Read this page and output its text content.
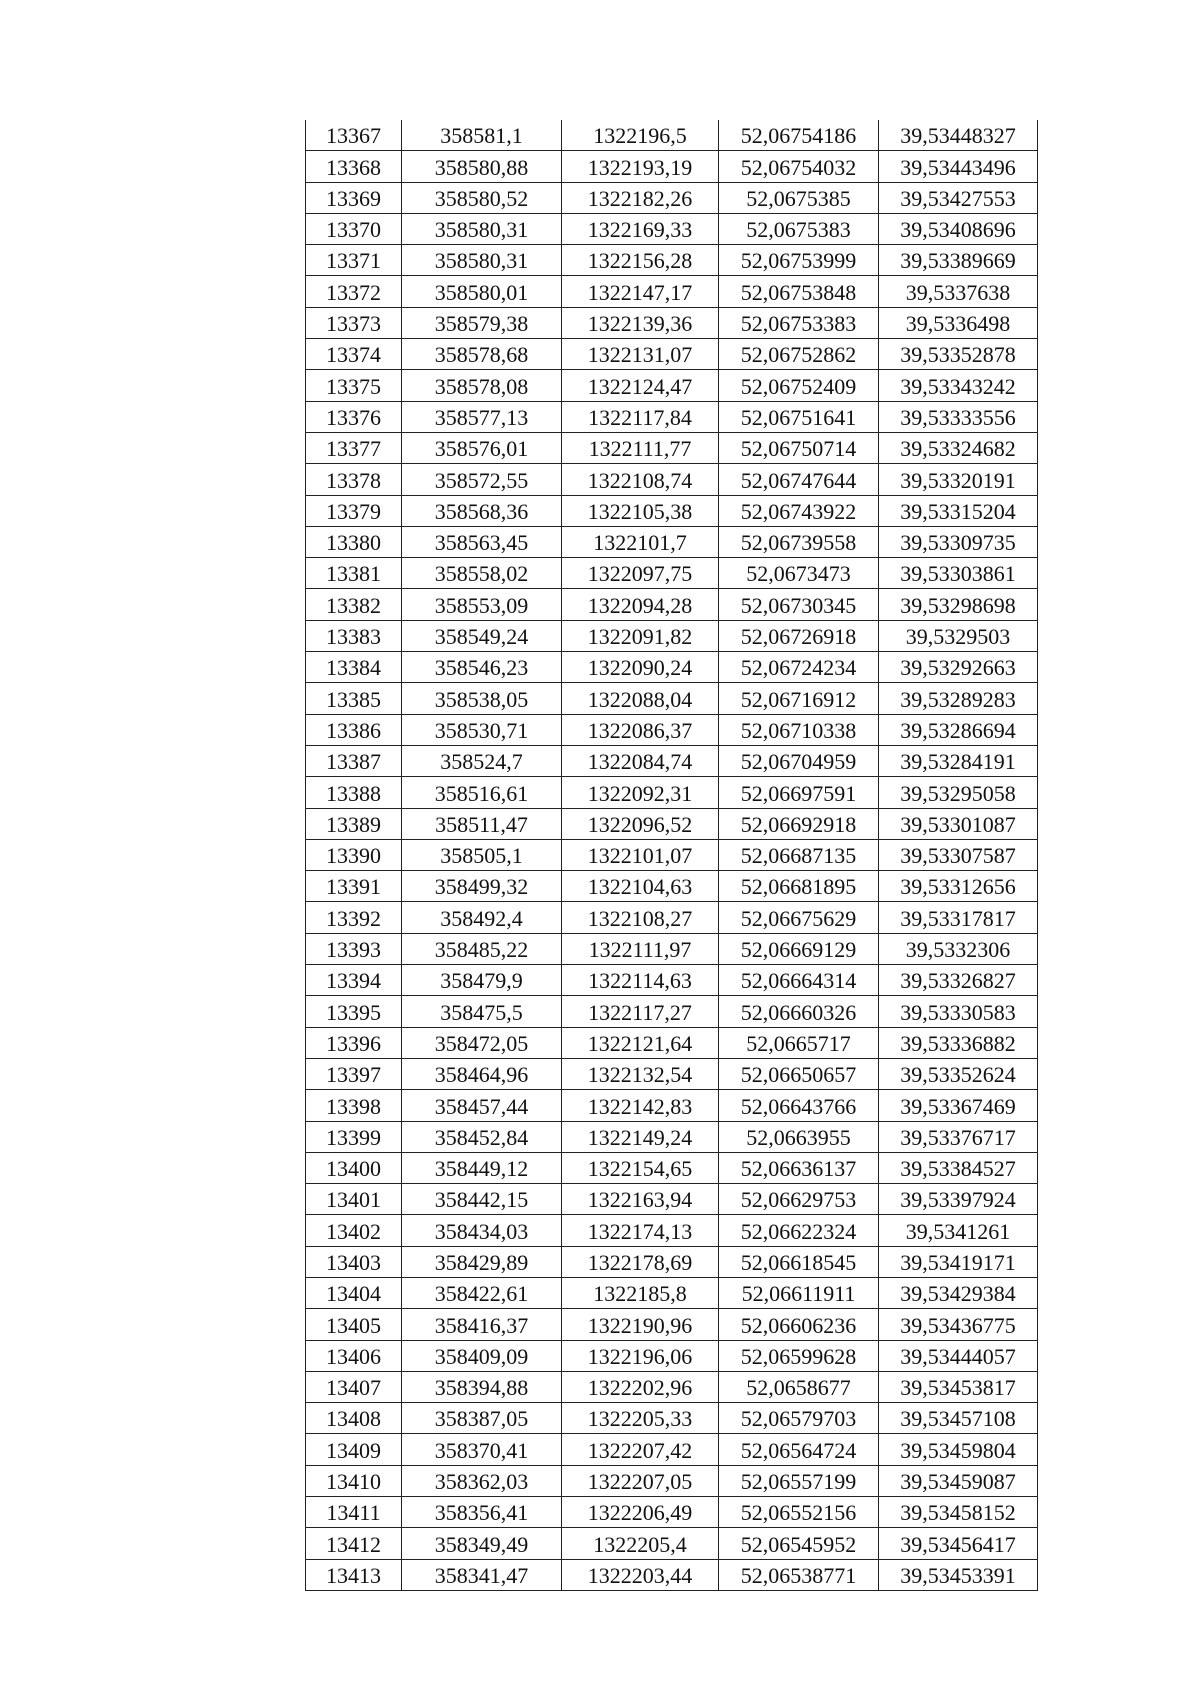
13367	358581,1	1322196,5	52,06754186	39,53448327
13368	358580,88	1322193,19	52,06754032	39,53443496
13369	358580,52	1322182,26	52,0675385	39,53427553
13370	358580,31	1322169,33	52,0675383	39,53408696
13371	358580,31	1322156,28	52,06753999	39,53389669
13372	358580,01	1322147,17	52,06753848	39,5337638
13373	358579,38	1322139,36	52,06753383	39,5336498
13374	358578,68	1322131,07	52,06752862	39,53352878
13375	358578,08	1322124,47	52,06752409	39,53343242
13376	358577,13	1322117,84	52,06751641	39,53333556
13377	358576,01	1322111,77	52,06750714	39,53324682
13378	358572,55	1322108,74	52,06747644	39,53320191
13379	358568,36	1322105,38	52,06743922	39,53315204
13380	358563,45	1322101,7	52,06739558	39,53309735
13381	358558,02	1322097,75	52,0673473	39,53303861
13382	358553,09	1322094,28	52,06730345	39,53298698
13383	358549,24	1322091,82	52,06726918	39,5329503
13384	358546,23	1322090,24	52,06724234	39,53292663
13385	358538,05	1322088,04	52,06716912	39,53289283
13386	358530,71	1322086,37	52,06710338	39,53286694
13387	358524,7	1322084,74	52,06704959	39,53284191
13388	358516,61	1322092,31	52,06697591	39,53295058
13389	358511,47	1322096,52	52,06692918	39,53301087
13390	358505,1	1322101,07	52,06687135	39,53307587
13391	358499,32	1322104,63	52,06681895	39,53312656
13392	358492,4	1322108,27	52,06675629	39,53317817
13393	358485,22	1322111,97	52,06669129	39,5332306
13394	358479,9	1322114,63	52,06664314	39,53326827
13395	358475,5	1322117,27	52,06660326	39,53330583
13396	358472,05	1322121,64	52,0665717	39,53336882
13397	358464,96	1322132,54	52,06650657	39,53352624
13398	358457,44	1322142,83	52,06643766	39,53367469
13399	358452,84	1322149,24	52,0663955	39,53376717
13400	358449,12	1322154,65	52,06636137	39,53384527
13401	358442,15	1322163,94	52,06629753	39,53397924
13402	358434,03	1322174,13	52,06622324	39,5341261
13403	358429,89	1322178,69	52,06618545	39,53419171
13404	358422,61	1322185,8	52,06611911	39,53429384
13405	358416,37	1322190,96	52,06606236	39,53436775
13406	358409,09	1322196,06	52,06599628	39,53444057
13407	358394,88	1322202,96	52,0658677	39,53453817
13408	358387,05	1322205,33	52,06579703	39,53457108
13409	358370,41	1322207,42	52,06564724	39,53459804
13410	358362,03	1322207,05	52,06557199	39,53459087
13411	358356,41	1322206,49	52,06552156	39,53458152
13412	358349,49	1322205,4	52,06545952	39,53456417
13413	358341,47	1322203,44	52,06538771	39,53453391
